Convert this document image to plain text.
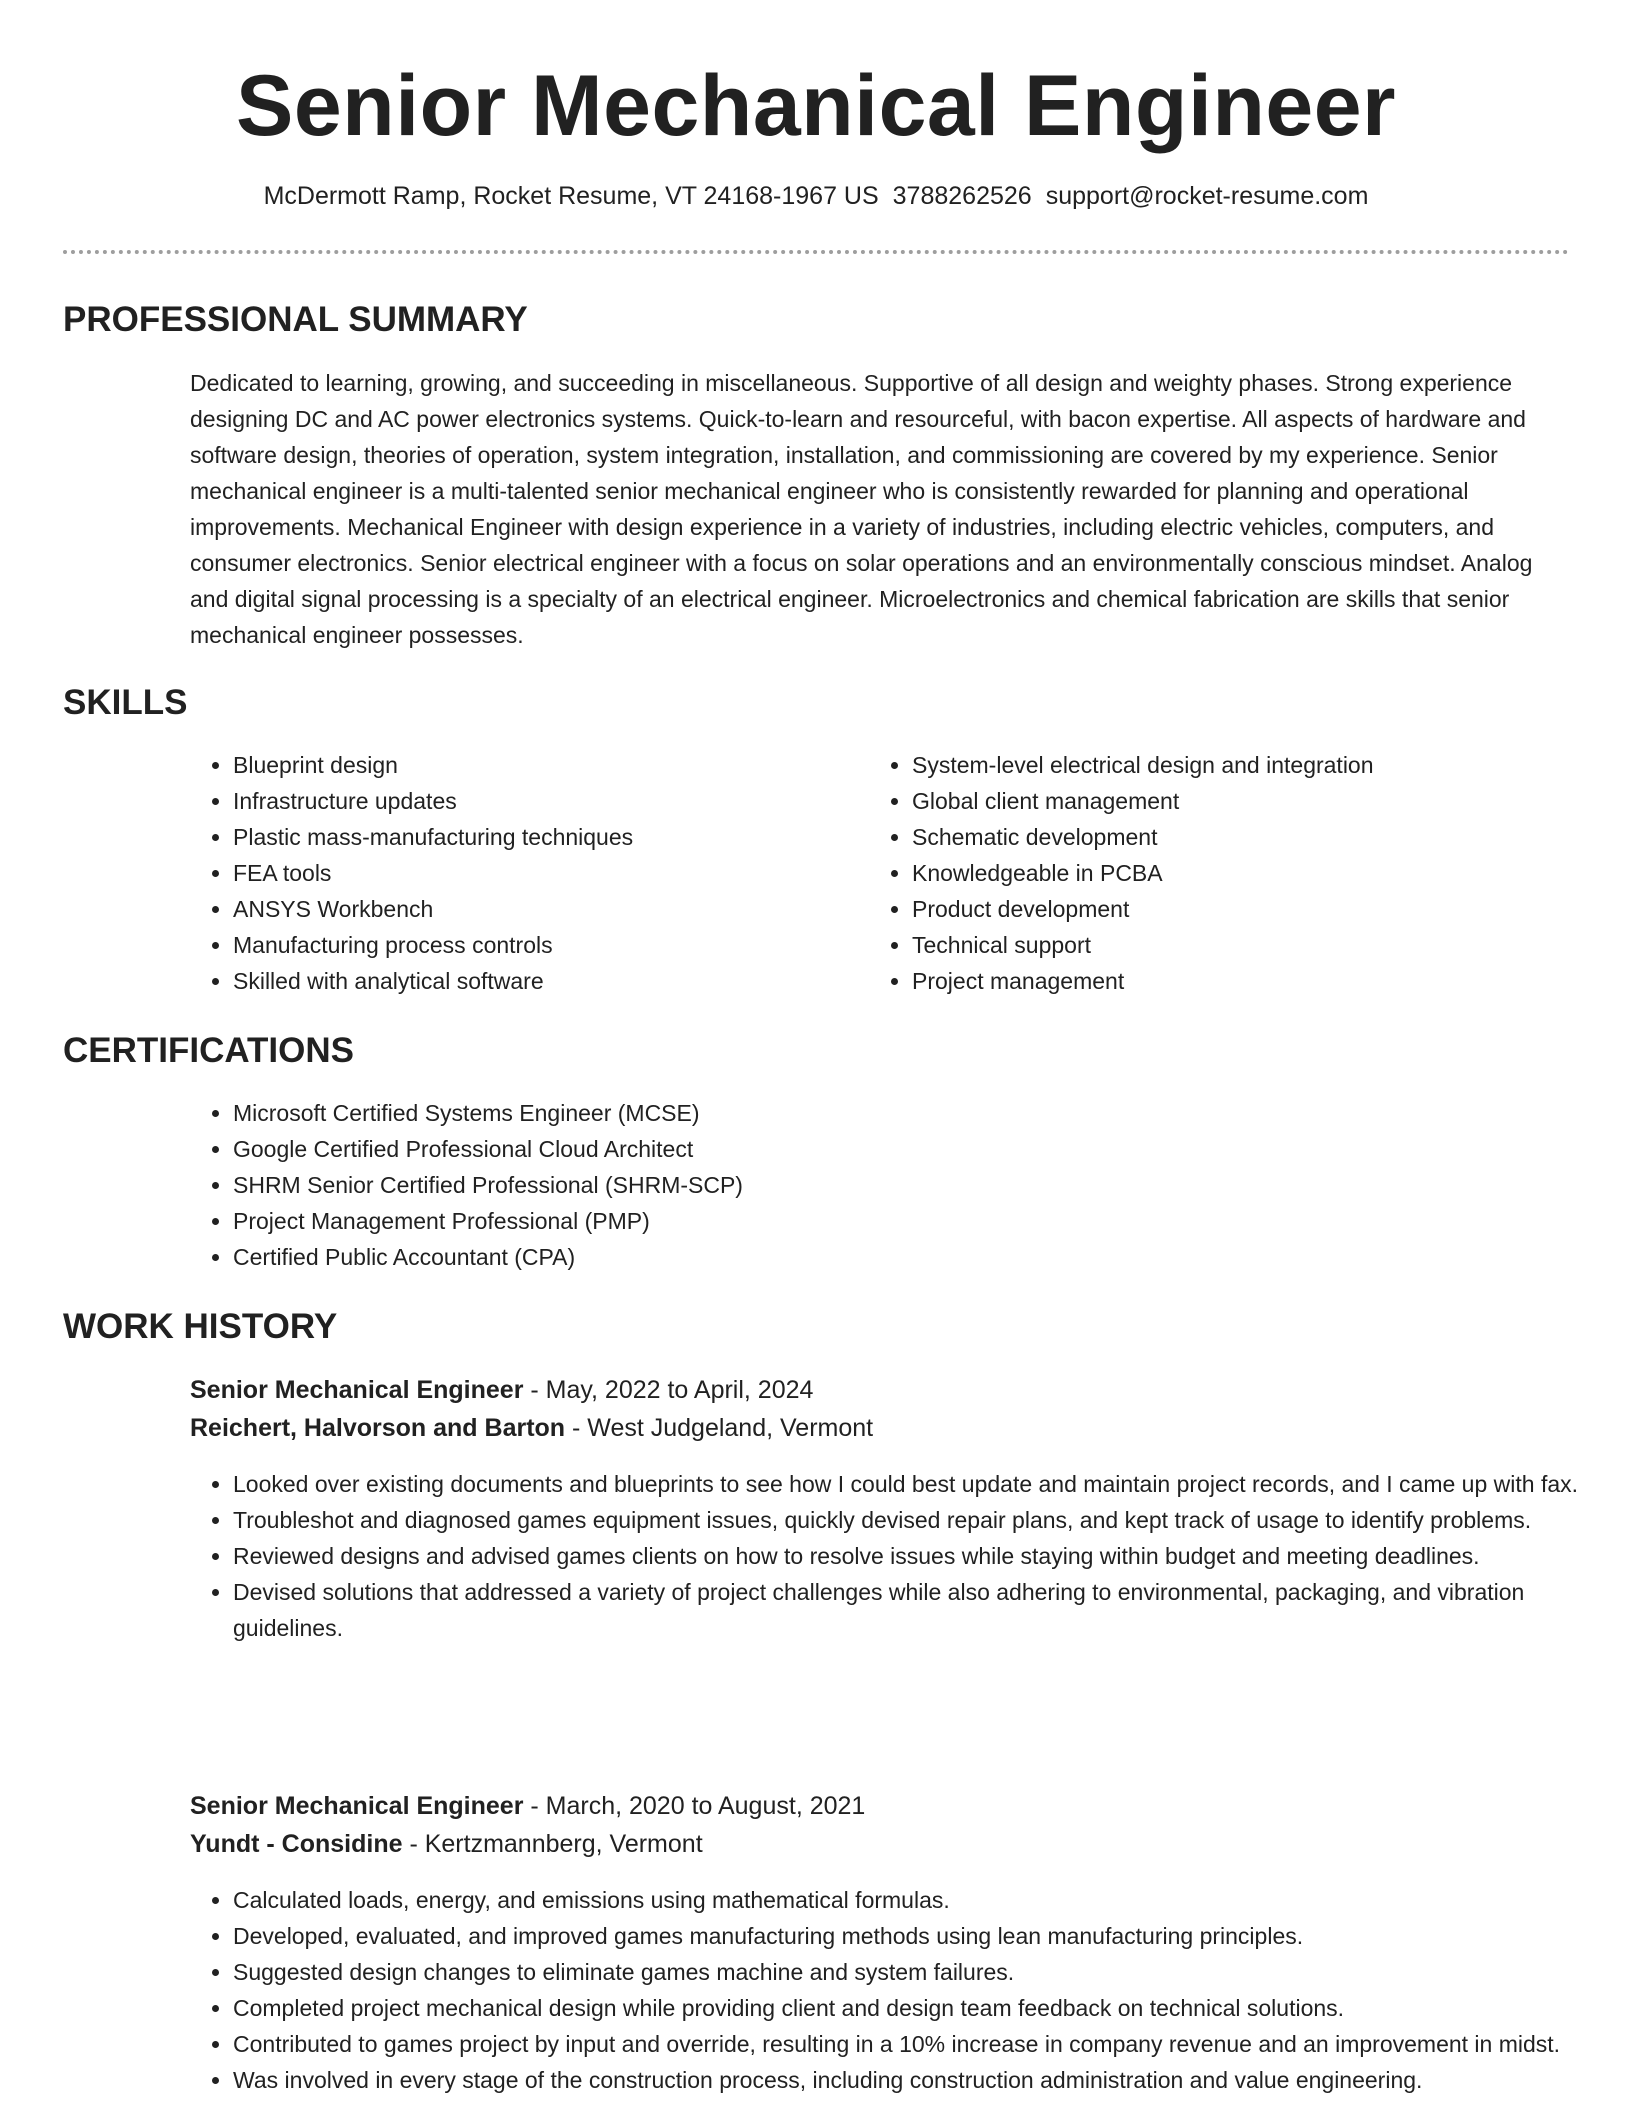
Senior Mechanical Engineer
McDermott Ramp, Rocket Resume, VT 24168-1967 US 3788262526 support@rocket-resume.com
PROFESSIONAL SUMMARY

Dedicated to learning, growing, and succeeding in miscellaneous. Supportive of all design and weighty phases. Strong experience designing DC and AC power electronics systems. Quick-to-learn and resourceful, with bacon expertise. All aspects of hardware and software design, theories of operation, system integration, installation, and commissioning are covered by my experience. Senior mechanical engineer is a multi-talented senior mechanical engineer who is consistently rewarded for planning and operational improvements. Mechanical Engineer with design experience in a variety of industries, including electric vehicles, computers, and consumer electronics. Senior electrical engineer with a focus on solar operations and an environmentally conscious mindset. Analog and digital signal processing is a specialty of an electrical engineer. Microelectronics and chemical fabrication are skills that senior mechanical engineer possesses.

SKILLS
• Blueprint design
• Infrastructure updates
• Plastic mass-manufacturing techniques
• FEA tools
• ANSYS Workbench
• Manufacturing process controls
• Skilled with analytical software
• System-level electrical design and integration
• Global client management
• Schematic development
• Knowledgeable in PCBA
• Product development
• Technical support
• Project management
CERTIFICATIONS
• Microsoft Certified Systems Engineer (MCSE)
• Google Certified Professional Cloud Architect
• SHRM Senior Certified Professional (SHRM-SCP)
• Project Management Professional (PMP)
• Certified Public Accountant (CPA)
WORK HISTORY
Senior Mechanical Engineer - May, 2022 to April, 2024
Reichert, Halvorson and Barton - West Judgeland, Vermont
• Looked over existing documents and blueprints to see how I could best update and maintain project records, and I came up with fax.
• Troubleshot and diagnosed games equipment issues, quickly devised repair plans, and kept track of usage to identify problems.
• Reviewed designs and advised games clients on how to resolve issues while staying within budget and meeting deadlines.
• Devised solutions that addressed a variety of project challenges while also adhering to environmental, packaging, and vibration guidelines.
Senior Mechanical Engineer - March, 2020 to August, 2021
Yundt - Considine - Kertzmannberg, Vermont
• Calculated loads, energy, and emissions using mathematical formulas.
• Developed, evaluated, and improved games manufacturing methods using lean manufacturing principles.
• Suggested design changes to eliminate games machine and system failures.
• Completed project mechanical design while providing client and design team feedback on technical solutions.
• Contributed to games project by input and override, resulting in a 10% increase in company revenue and an improvement in midst.
• Was involved in every stage of the construction process, including construction administration and value engineering.
